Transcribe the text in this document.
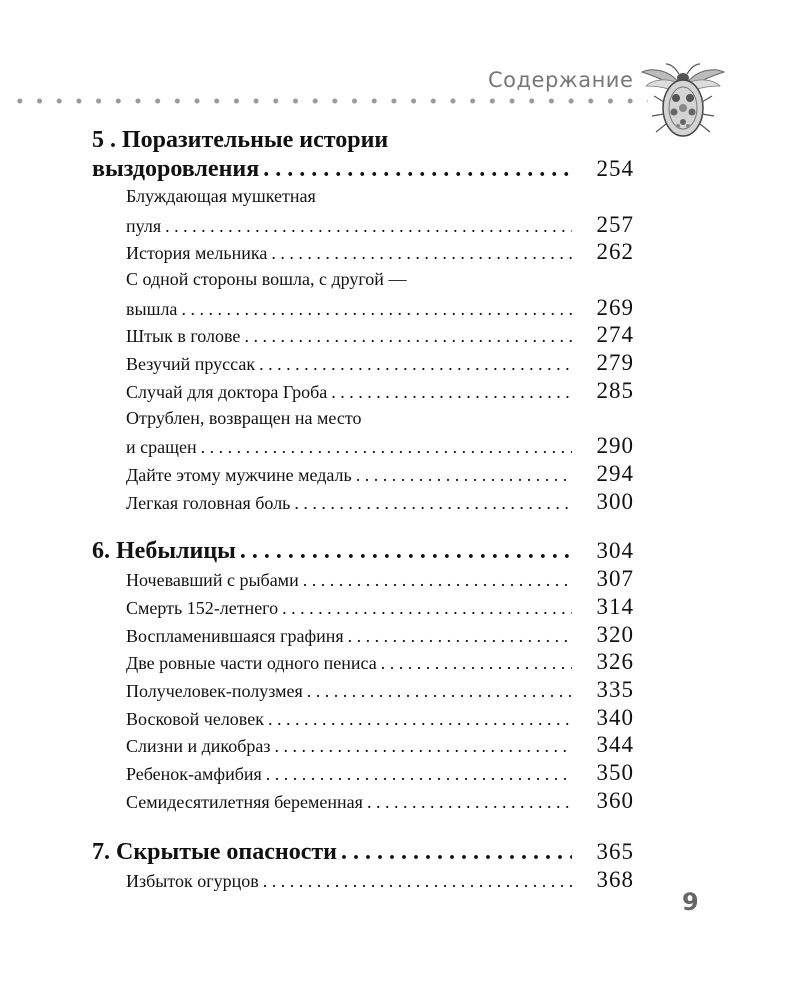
Содержание
5 . Поразительные истории
выздоровления . . .	254
Блуждающая мушкетная
пуля . . .	257
История мельника . . .	262
С одной стороны вошла, с другой —
вышла . . .	269
Штык в голове . . .	274
Везучий пруссак . . .	279
Случай для доктора Гроба . . .	285
Отрублен, возвращен на место
и сращен . . .	290
Дайте этому мужчине медаль . . .	294
Легкая головная боль . . .	300
6. Небылицы . . .	304
Ночевавший с рыбами . . .	307
Смерть 152-летнего . . .	314
Воспламенившаяся графиня . . .	320
Две ровные части одного пениса . . .	326
Получеловек-полузмея . . .	335
Восковой человек . . .	340
Слизни и дикобраз . . .	344
Ребенок-амфибия . . .	350
Семидесятилетняя беременная . . .	360
7. Скрытые опасности . . .	365
Избыток огурцов . . .	368
9
